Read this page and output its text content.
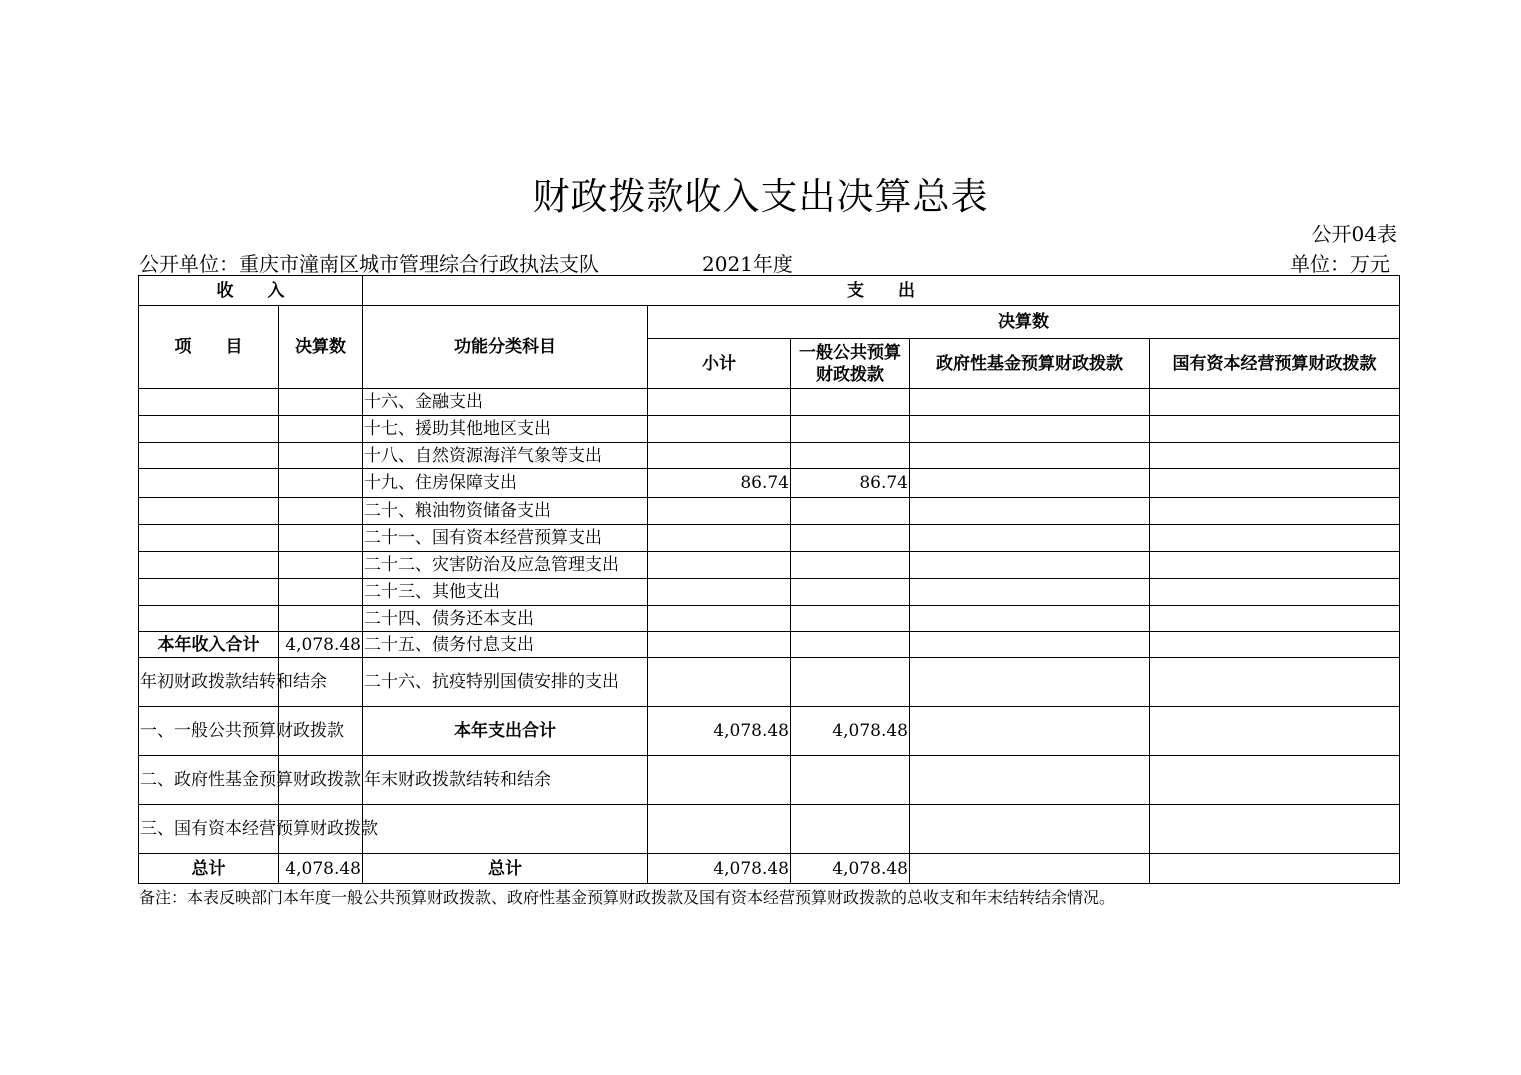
财政拨款收入支出决算总表
公开04表
公开单位：重庆市潼南区城市管理综合行政执法支队	2021年度	单位：万元
收　　入		支　　出				
项　　目	决算数	功能分类科目	决算数			
			小计	一般公共预算财政拨款	政府性基金预算财政拨款	国有资本经营预算财政拨款
		十六、金融支出				
		十七、援助其他地区支出				
		十八、自然资源海洋气象等支出				
		十九、住房保障支出	86.74	86.74		
		二十、粮油物资储备支出				
		二十一、国有资本经营预算支出				
		二十二、灾害防治及应急管理支出				
		二十三、其他支出				
		二十四、债务还本支出				
本年收入合计	4,078.48	二十五、债务付息支出				
年初财政拨款结转和结余		二十六、抗疫特别国债安排的支出				
一、一般公共预算财政拨款		本年支出合计	4,078.48	4,078.48		
二、政府性基金预算财政拨款		年末财政拨款结转和结余				
三、国有资本经营预算财政拨款						
总计	4,078.48	总计	4,078.48	4,078.48		
备注：本表反映部门本年度一般公共预算财政拨款、政府性基金预算财政拨款及国有资本经营预算财政拨款的总收支和年末结转结余情况。
